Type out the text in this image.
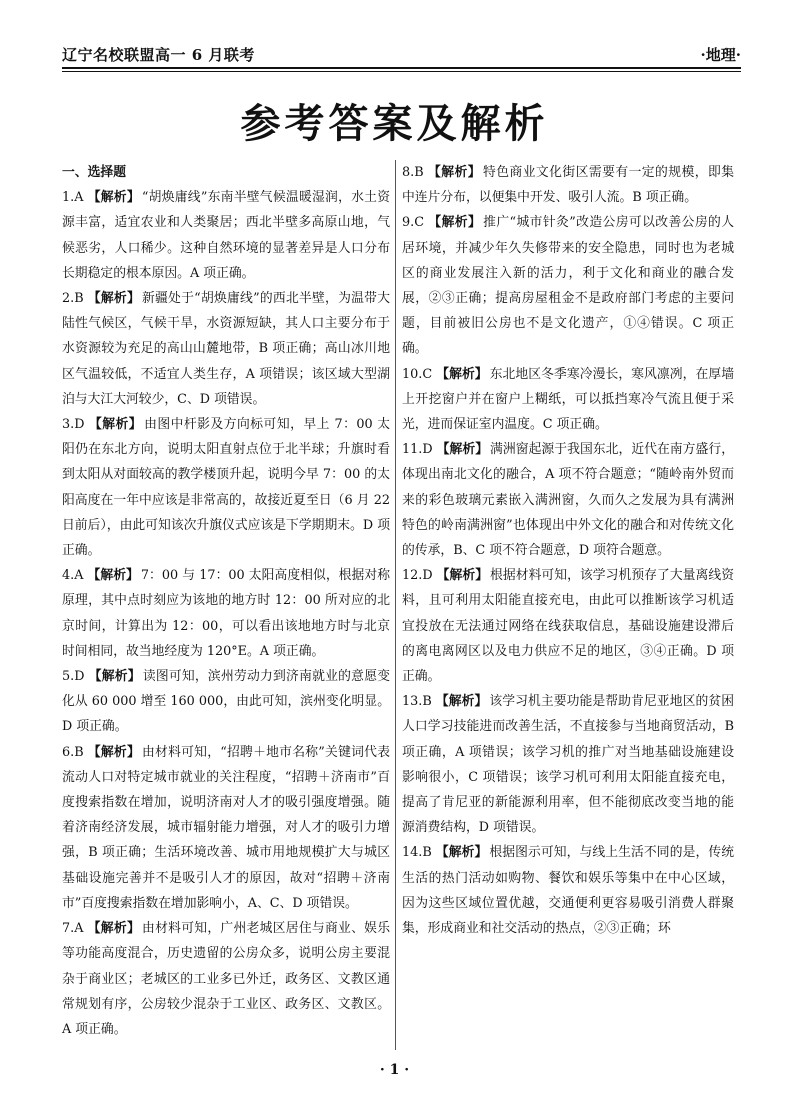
辽宁名校联盟高一 6 月联考	·地理·
参考答案及解析
一、选择题

1.A 【解析】 “胡焕庸线”东南半壁气候温暖湿润，水土资源丰富，适宜农业和人类聚居；西北半壁多高原山地，气候恶劣，人口稀少。这种自然环境的显著差异是人口分布长期稳定的根本原因。A 项正确。

2.B 【解析】 新疆处于“胡焕庸线”的西北半壁，为温带大陆性气候区，气候干旱，水资源短缺，其人口主要分布于水资源较为充足的高山山麓地带，B 项正确；高山冰川地区气温较低，不适宜人类生存，A 项错误；该区域大型湖泊与大江大河较少，C、D 项错误。

3.D 【解析】 由图中杆影及方向标可知，早上 7：00 太阳仍在东北方向，说明太阳直射点位于北半球；升旗时看到太阳从对面较高的教学楼顶升起，说明今早 7：00 的太阳高度在一年中应该是非常高的，故接近夏至日（6 月 22 日前后），由此可知该次升旗仪式应该是下学期期末。D 项正确。

4.A 【解析】 7：00 与 17：00 太阳高度相似，根据对称原理，其中点时刻应为该地的地方时 12：00 所对应的北京时间，计算出为 12：00，可以看出该地地方时与北京时间相同，故当地经度为 120°E。A 项正确。

5.D 【解析】 读图可知，滨州劳动力到济南就业的意愿变化从 60 000 增至 160 000，由此可知，滨州变化明显。D 项正确。

6.B 【解析】 由材料可知，“招聘＋地市名称”关键词代表流动人口对特定城市就业的关注程度，“招聘＋济南市”百度搜索指数在增加，说明济南对人才的吸引强度增强。随着济南经济发展，城市辐射能力增强，对人才的吸引力增强，B 项正确；生活环境改善、城市用地规模扩大与城区基础设施完善并不是吸引人才的原因，故对“招聘＋济南市”百度搜索指数在增加影响小，A、C、D 项错误。

7.A 【解析】 由材料可知，广州老城区居住与商业、娱乐等功能高度混合，历史遗留的公房众多，说明公房主要混杂于商业区；老城区的工业多已外迁，政务区、文教区通常规划有序，公房较少混杂于工业区、政务区、文教区。A 项正确。

8.B 【解析】 特色商业文化街区需要有一定的规模，即集中连片分布，以便集中开发、吸引人流。B 项正确。

9.C 【解析】 推广“城市针灸”改造公房可以改善公房的人居环境，并减少年久失修带来的安全隐患，同时也为老城区的商业发展注入新的活力，利于文化和商业的融合发展，②③正确；提高房屋租金不是政府部门考虑的主要问题，目前被旧公房也不是文化遗产，①④错误。C 项正确。

10.C 【解析】 东北地区冬季寒冷漫长，寒风凛冽，在厚墙上开挖窗户并在窗户上糊纸，可以抵挡寒冷气流且便于采光，进而保证室内温度。C 项正确。

11.D 【解析】 满洲窗起源于我国东北，近代在南方盛行，体现出南北文化的融合，A 项不符合题意；“随岭南外贸而来的彩色玻璃元素嵌入满洲窗，久而久之发展为具有满洲特色的岭南满洲窗”也体现出中外文化的融合和对传统文化的传承，B、C 项不符合题意，D 项符合题意。

12.D 【解析】 根据材料可知，该学习机预存了大量离线资料，且可利用太阳能直接充电，由此可以推断该学习机适宜投放在无法通过网络在线获取信息，基础设施建设滞后的离电离网区以及电力供应不足的地区，③④正确。D 项正确。

13.B 【解析】 该学习机主要功能是帮助肯尼亚地区的贫困人口学习技能进而改善生活，不直接参与当地商贸活动，B 项正确，A 项错误；该学习机的推广对当地基础设施建设影响很小，C 项错误；该学习机可利用太阳能直接充电，提高了肯尼亚的新能源利用率，但不能彻底改变当地的能源消费结构，D 项错误。

14.B 【解析】 根据图示可知，与线上生活不同的是，传统生活的热门活动如购物、餐饮和娱乐等集中在中心区域，因为这些区域位置优越，交通便利更容易吸引消费人群聚集，形成商业和社交活动的热点，②③正确；环

· 1 ·
